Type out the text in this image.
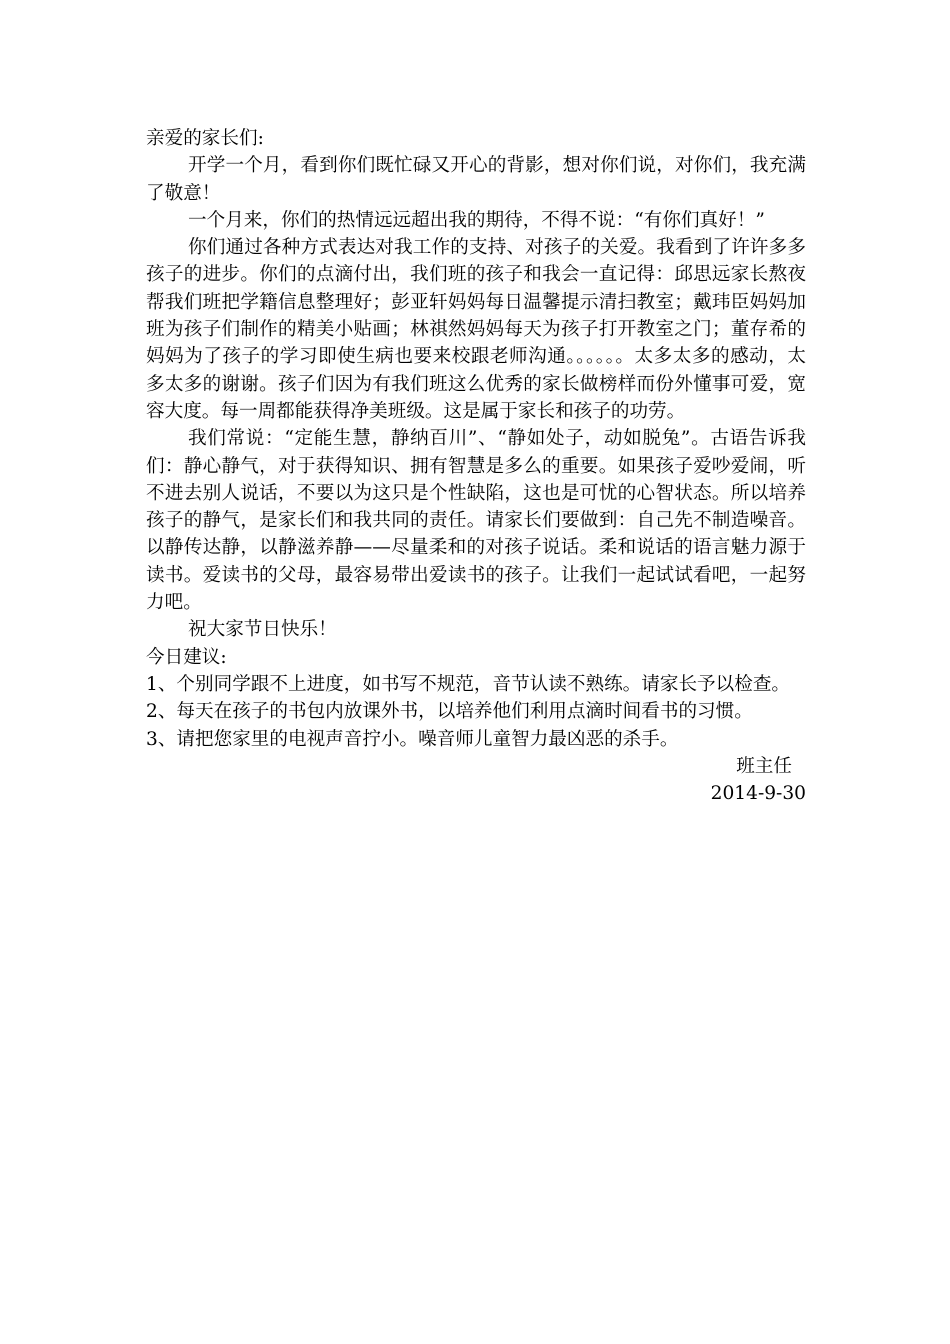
亲爱的家长们:

开学一个月，看到你们既忙碌又开心的背影，想对你们说，对你们，我充满了敬意！

一个月来，你们的热情远远超出我的期待，不得不说：“有你们真好！”

你们通过各种方式表达对我工作的支持、对孩子的关爱。我看到了许许多多孩子的进步。你们的点滴付出，我们班的孩子和我会一直记得：邱思远家长熬夜帮我们班把学籍信息整理好；彭亚轩妈妈每日温馨提示清扫教室；戴玮臣妈妈加班为孩子们制作的精美小贴画；林祺然妈妈每天为孩子打开教室之门；董存希的妈妈为了孩子的学习即使生病也要来校跟老师沟通。。。。。。太多太多的感动，太多太多的谢谢。孩子们因为有我们班这么优秀的家长做榜样而份外懂事可爱，宽容大度。每一周都能获得净美班级。这是属于家长和孩子的功劳。

我们常说：“定能生慧，静纳百川”、“静如处子，动如脱兔”。古语告诉我们：静心静气，对于获得知识、拥有智慧是多么的重要。如果孩子爱吵爱闹，听不进去别人说话，不要以为这只是个性缺陷，这也是可忧的心智状态。所以培养孩子的静气，是家长们和我共同的责任。请家长们要做到：自己先不制造噪音。以静传达静，以静滋养静——尽量柔和的对孩子说话。柔和说话的语言魅力源于读书。爱读书的父母，最容易带出爱读书的孩子。让我们一起试试看吧，一起努力吧。

祝大家节日快乐！

今日建议:

1、个别同学跟不上进度，如书写不规范，音节认读不熟练。请家长予以检查。

2、每天在孩子的书包内放课外书，以培养他们利用点滴时间看书的习惯。

3、请把您家里的电视声音拧小。噪音师儿童智力最凶恶的杀手。

班主任

2014-9-30
